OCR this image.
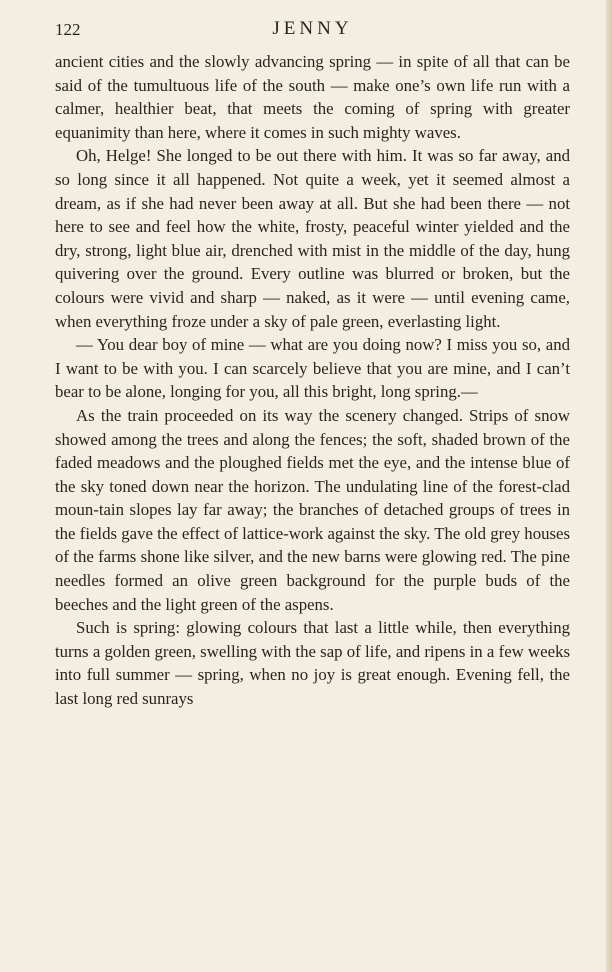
122	JENNY

ancient cities and the slowly advancing spring — in spite of all that can be said of the tumultuous life of the south — make one’s own life run with a calmer, healthier beat, that meets the coming of spring with greater equanimity than here, where it comes in such mighty waves.

Oh, Helge! She longed to be out there with him. It was so far away, and so long since it all happened. Not quite a week, yet it seemed almost a dream, as if she had never been away at all. But she had been there — not here to see and feel how the white, frosty, peaceful winter yielded and the dry, strong, light blue air, drenched with mist in the middle of the day, hung quivering over the ground. Every outline was blurred or broken, but the colours were vivid and sharp — naked, as it were — until evening came, when everything froze under a sky of pale green, everlasting light.

— You dear boy of mine — what are you doing now? I miss you so, and I want to be with you. I can scarcely believe that you are mine, and I can’t bear to be alone, longing for you, all this bright, long spring.—

As the train proceeded on its way the scenery changed. Strips of snow showed among the trees and along the fences; the soft, shaded brown of the faded meadows and the ploughed fields met the eye, and the intense blue of the sky toned down near the horizon. The undulating line of the forest-clad moun-tain slopes lay far away; the branches of detached groups of trees in the fields gave the effect of lattice-work against the sky. The old grey houses of the farms shone like silver, and the new barns were glowing red. The pine needles formed an olive green background for the purple buds of the beeches and the light green of the aspens.

Such is spring: glowing colours that last a little while, then everything turns a golden green, swelling with the sap of life, and ripens in a few weeks into full summer — spring, when no joy is great enough. Evening fell, the last long red sunrays
